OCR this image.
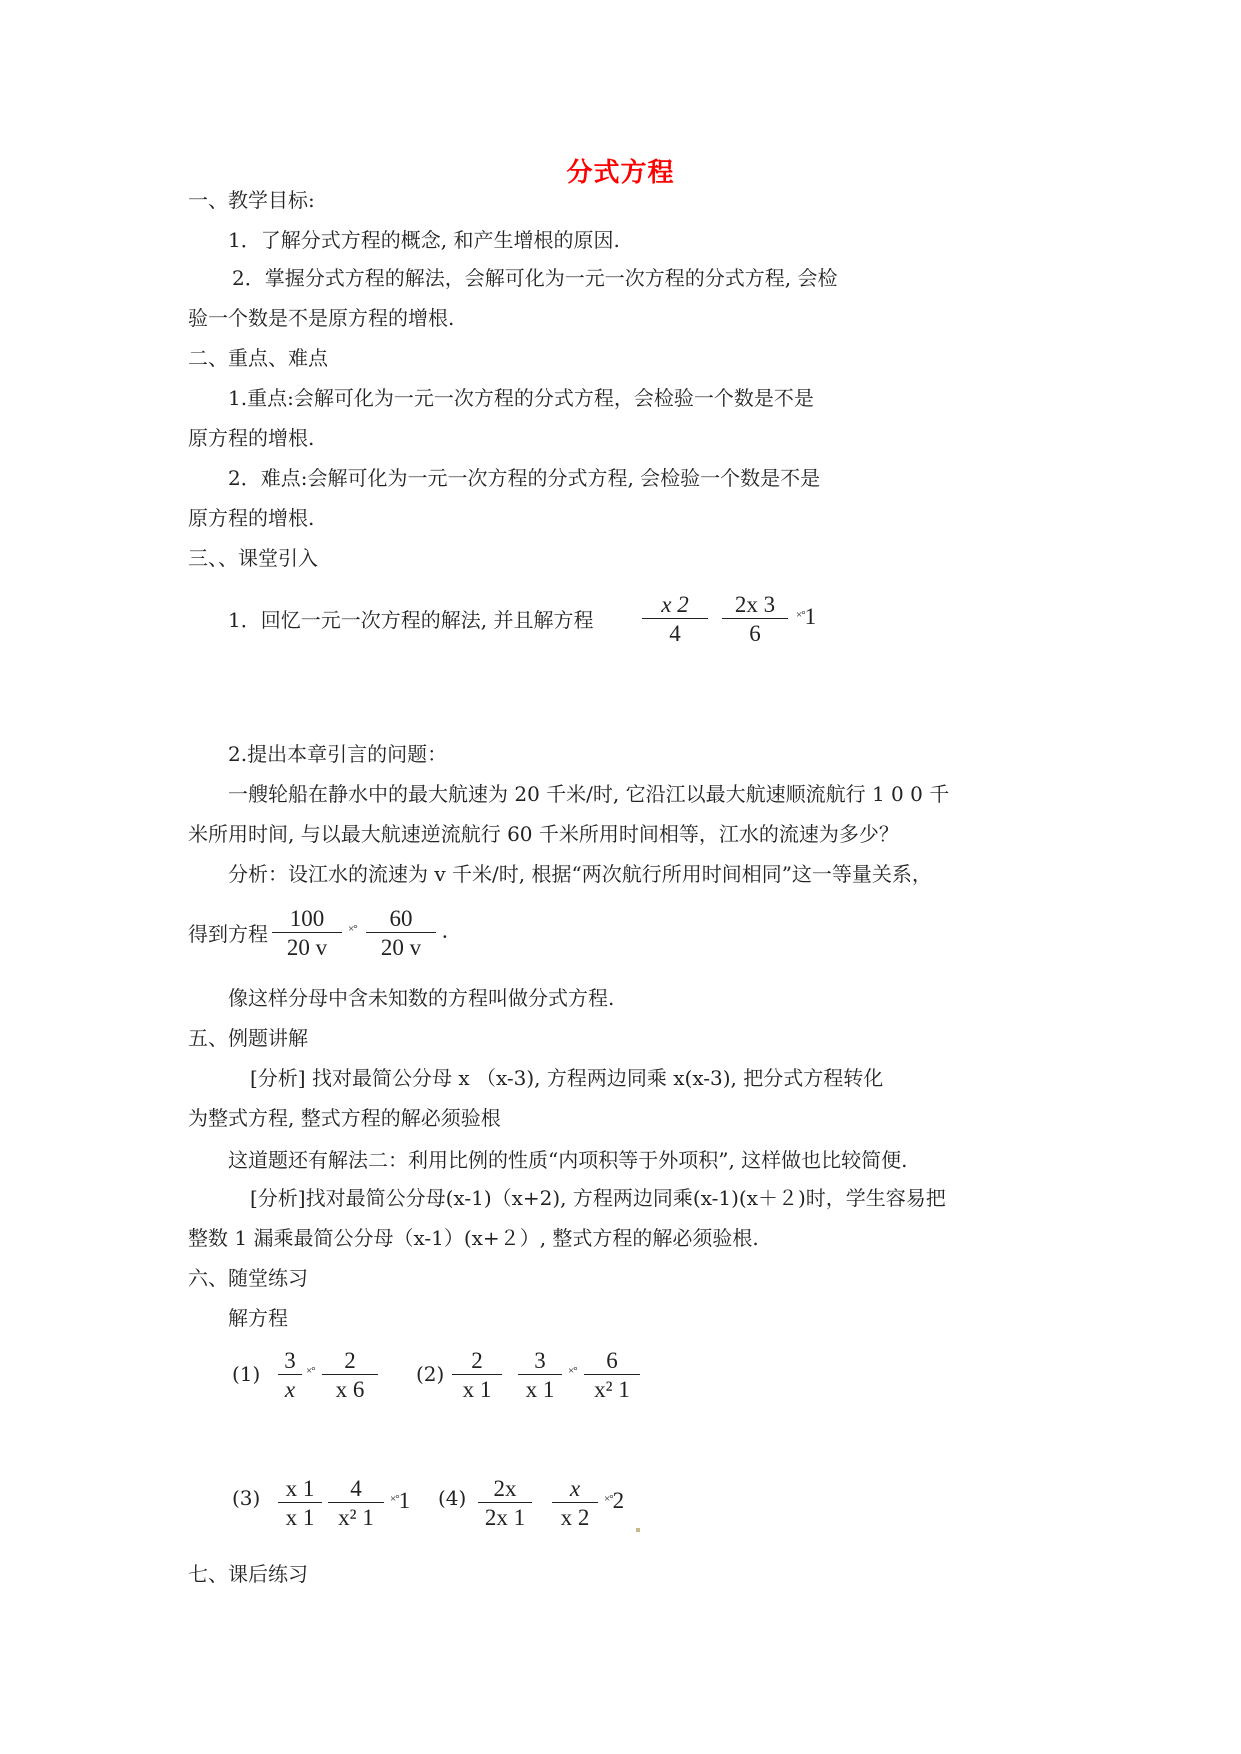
分式方程
一、教学目标:
1．了解分式方程的概念, 和产生增根的原因.
2．掌握分式方程的解法，会解可化为一元一次方程的分式方程, 会检
验一个数是不是原方程的增根.
二、重点、难点
1.重点:会解可化为一元一次方程的分式方程，会检验一个数是不是
原方程的增根.
2．难点:会解可化为一元一次方程的分式方程, 会检验一个数是不是
原方程的增根.
三、、课堂引入
1．回忆一元一次方程的解法, 并且解方程
x 2
4
2x 3
6
×°1
2.提出本章引言的问题：
一艘轮船在静水中的最大航速为 20 千米/时, 它沿江以最大航速顺流航行 1 0 0 千
米所用时间, 与以最大航速逆流航行 60 千米所用时间相等，江水的流速为多少？
分析：设江水的流速为 v 千米/时, 根据“两次航行所用时间相同”这一等量关系，
得到方程
100
20 v
×°	60
20 v
.
像这样分母中含未知数的方程叫做分式方程.
五、例题讲解
[分析] 找对最简公分母 x （x-3), 方程两边同乘 x(x-3), 把分式方程转化
为整式方程, 整式方程的解必须验根
这道题还有解法二：利用比例的性质“内项积等于外项积”, 这样做也比较简便.
[分析]找对最简公分母(x-1)（x+2), 方程两边同乘(x-1)(x＋２)时，学生容易把
整数 1 漏乘最简公分母（x-1）(x+２）, 整式方程的解必须验根.
六、随堂练习
解方程
(1)
3
x
×°	2
x 6
(2)
2
x 1
3
x 1
×°	6
x² 1
(3)	x 1
x 1
4
x² 1
×°1 (4)	2x
2x 1
x
x 2
×°2
七、课后练习
